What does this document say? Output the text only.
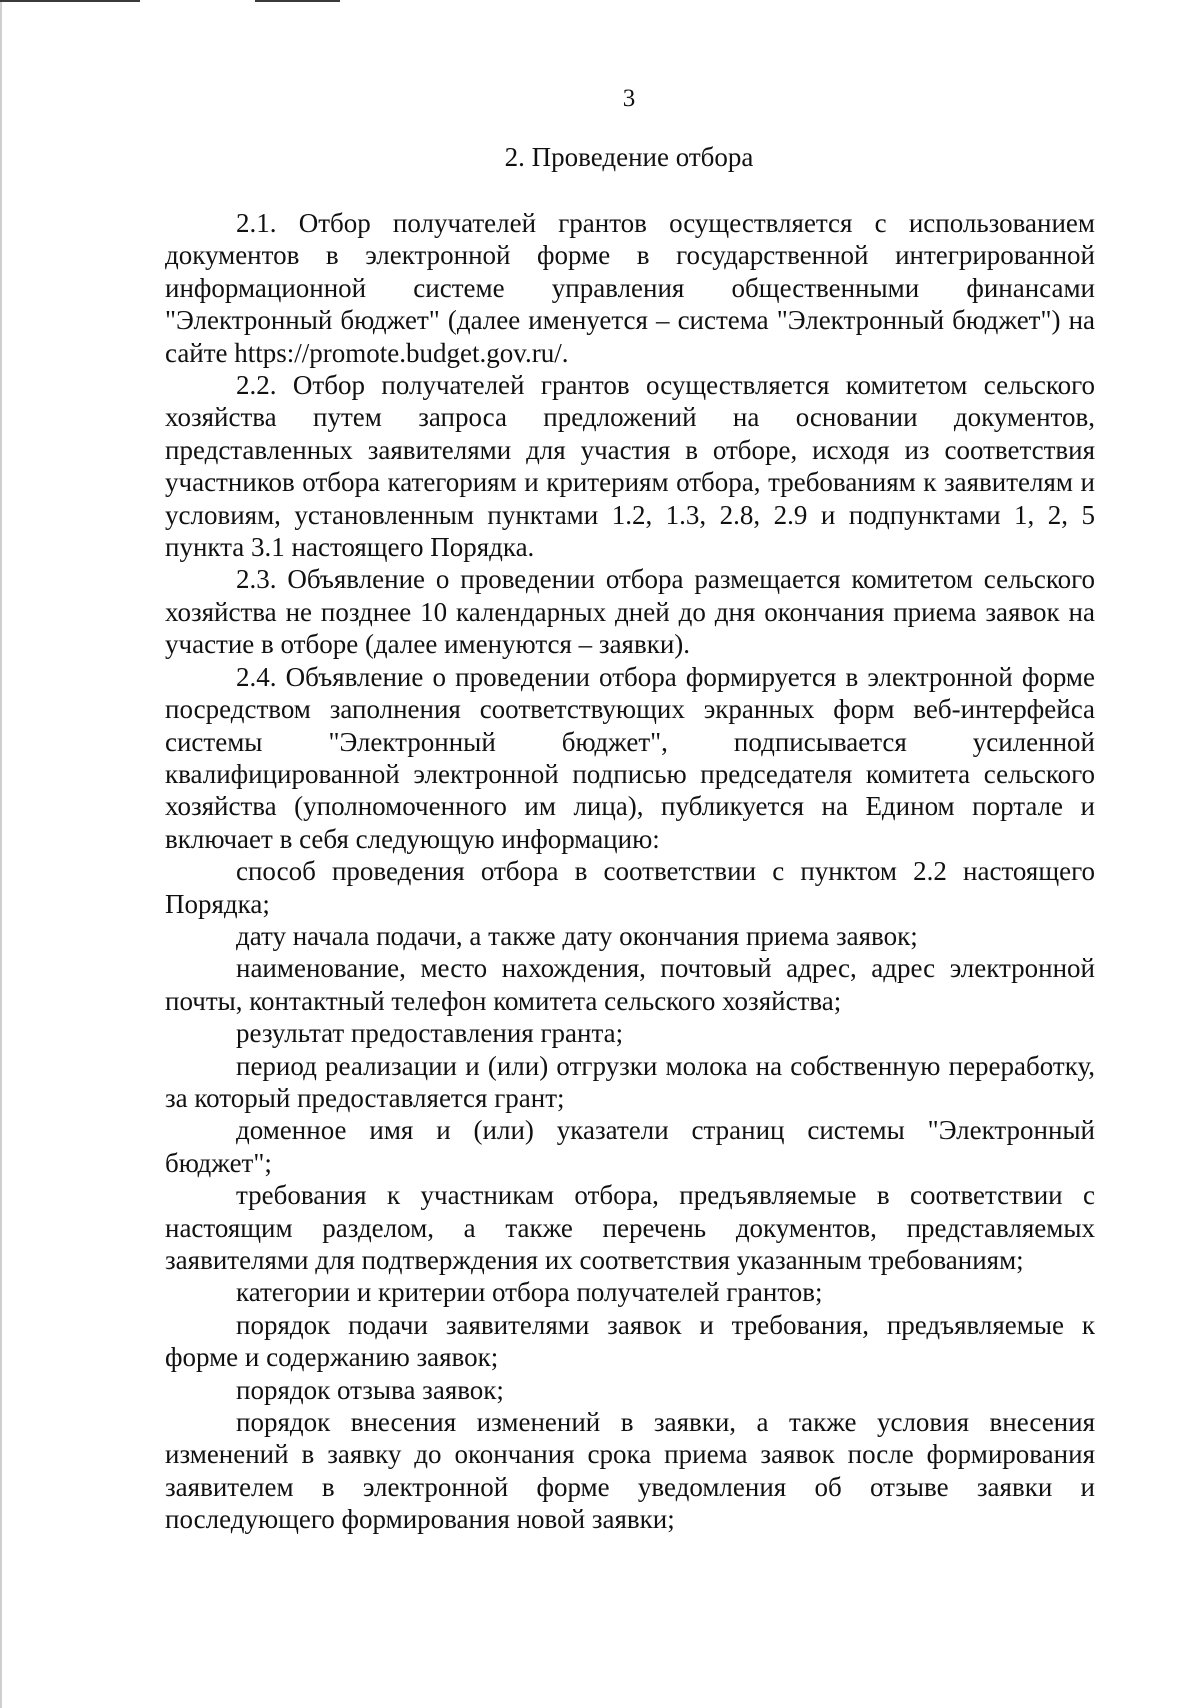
3
2. Проведение отбора

2.1. Отбор получателей грантов осуществляется с использованием документов в электронной форме в государственной интегрированной информационной системе управления общественными финансами "Электронный бюджет" (далее именуется – система "Электронный бюджет") на сайте https://promote.budget.gov.ru/.

2.2. Отбор получателей грантов осуществляется комитетом сельского хозяйства путем запроса предложений на основании документов, представленных заявителями для участия в отборе, исходя из соответствия участников отбора категориям и критериям отбора, требованиям к заявителям и условиям, установленным пунктами 1.2, 1.3, 2.8, 2.9 и подпунктами 1, 2, 5 пункта 3.1 настоящего Порядка.

2.3. Объявление о проведении отбора размещается комитетом сельского хозяйства не позднее 10 календарных дней до дня окончания приема заявок на участие в отборе (далее именуются – заявки).

2.4. Объявление о проведении отбора формируется в электронной форме посредством заполнения соответствующих экранных форм веб-интерфейса системы "Электронный бюджет", подписывается усиленной квалифицированной электронной подписью председателя комитета сельского хозяйства (уполномоченного им лица), публикуется на Едином портале и включает в себя следующую информацию:

способ проведения отбора в соответствии с пунктом 2.2 настоящего Порядка;

дату начала подачи, а также дату окончания приема заявок;

наименование, место нахождения, почтовый адрес, адрес электронной почты, контактный телефон комитета сельского хозяйства;

результат предоставления гранта;

период реализации и (или) отгрузки молока на собственную переработку, за который предоставляется грант;

доменное имя и (или) указатели страниц системы "Электронный бюджет";

требования к участникам отбора, предъявляемые в соответствии с настоящим разделом, а также перечень документов, представляемых заявителями для подтверждения их соответствия указанным требованиям;

категории и критерии отбора получателей грантов;

порядок подачи заявителями заявок и требования, предъявляемые к форме и содержанию заявок;

порядок отзыва заявок;

порядок внесения изменений в заявки, а также условия внесения изменений в заявку до окончания срока приема заявок после формирования заявителем в электронной форме уведомления об отзыве заявки и последующего формирования новой заявки;
